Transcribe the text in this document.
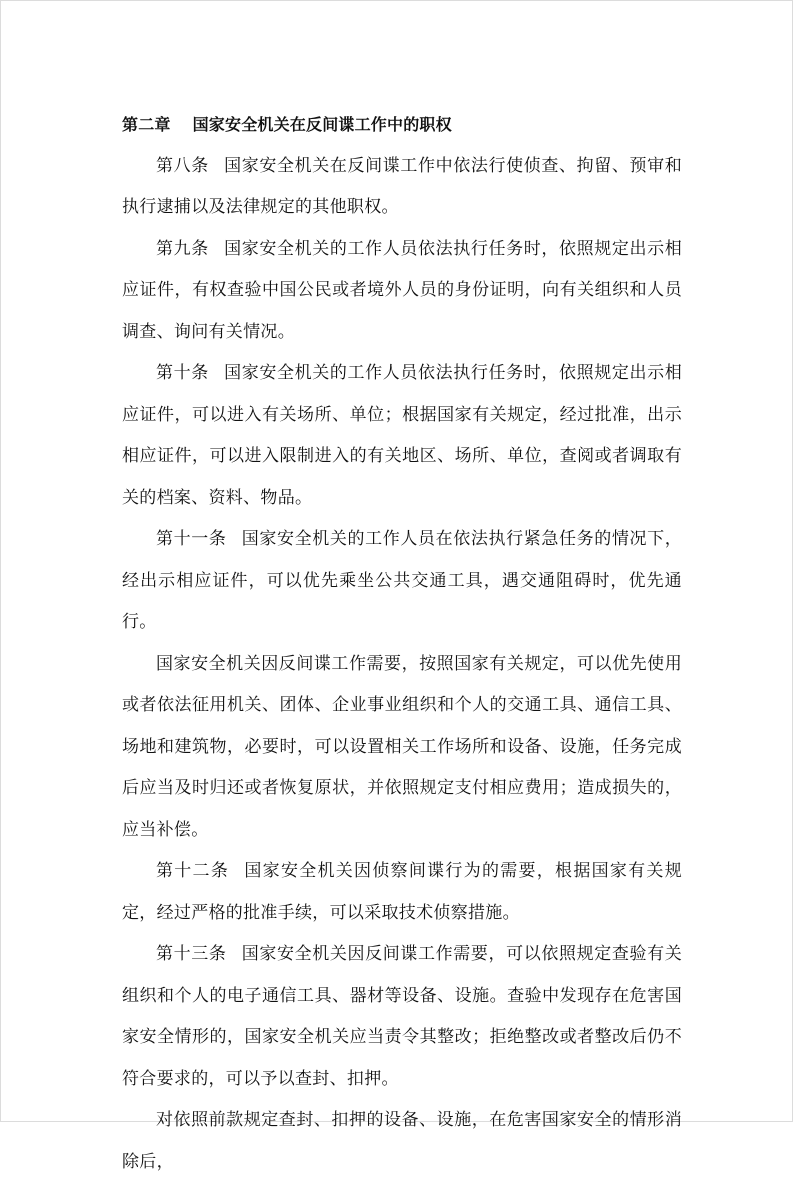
第二章 国家安全机关在反间谍工作中的职权

第八条 国家安全机关在反间谍工作中依法行使侦查、拘留、预审和执行逮捕以及法律规定的其他职权。

第九条 国家安全机关的工作人员依法执行任务时，依照规定出示相应证件，有权查验中国公民或者境外人员的身份证明，向有关组织和人员调查、询问有关情况。

第十条 国家安全机关的工作人员依法执行任务时，依照规定出示相应证件，可以进入有关场所、单位；根据国家有关规定，经过批准，出示相应证件，可以进入限制进入的有关地区、场所、单位，查阅或者调取有关的档案、资料、物品。

第十一条 国家安全机关的工作人员在依法执行紧急任务的情况下，经出示相应证件，可以优先乘坐公共交通工具，遇交通阻碍时，优先通行。

国家安全机关因反间谍工作需要，按照国家有关规定，可以优先使用或者依法征用机关、团体、企业事业组织和个人的交通工具、通信工具、场地和建筑物，必要时，可以设置相关工作场所和设备、设施，任务完成后应当及时归还或者恢复原状，并依照规定支付相应费用；造成损失的，应当补偿。

第十二条 国家安全机关因侦察间谍行为的需要，根据国家有关规定，经过严格的批准手续，可以采取技术侦察措施。

第十三条 国家安全机关因反间谍工作需要，可以依照规定查验有关组织和个人的电子通信工具、器材等设备、设施。查验中发现存在危害国家安全情形的，国家安全机关应当责令其整改；拒绝整改或者整改后仍不符合要求的，可以予以查封、扣押。

对依照前款规定查封、扣押的设备、设施，在危害国家安全的情形消除后，
